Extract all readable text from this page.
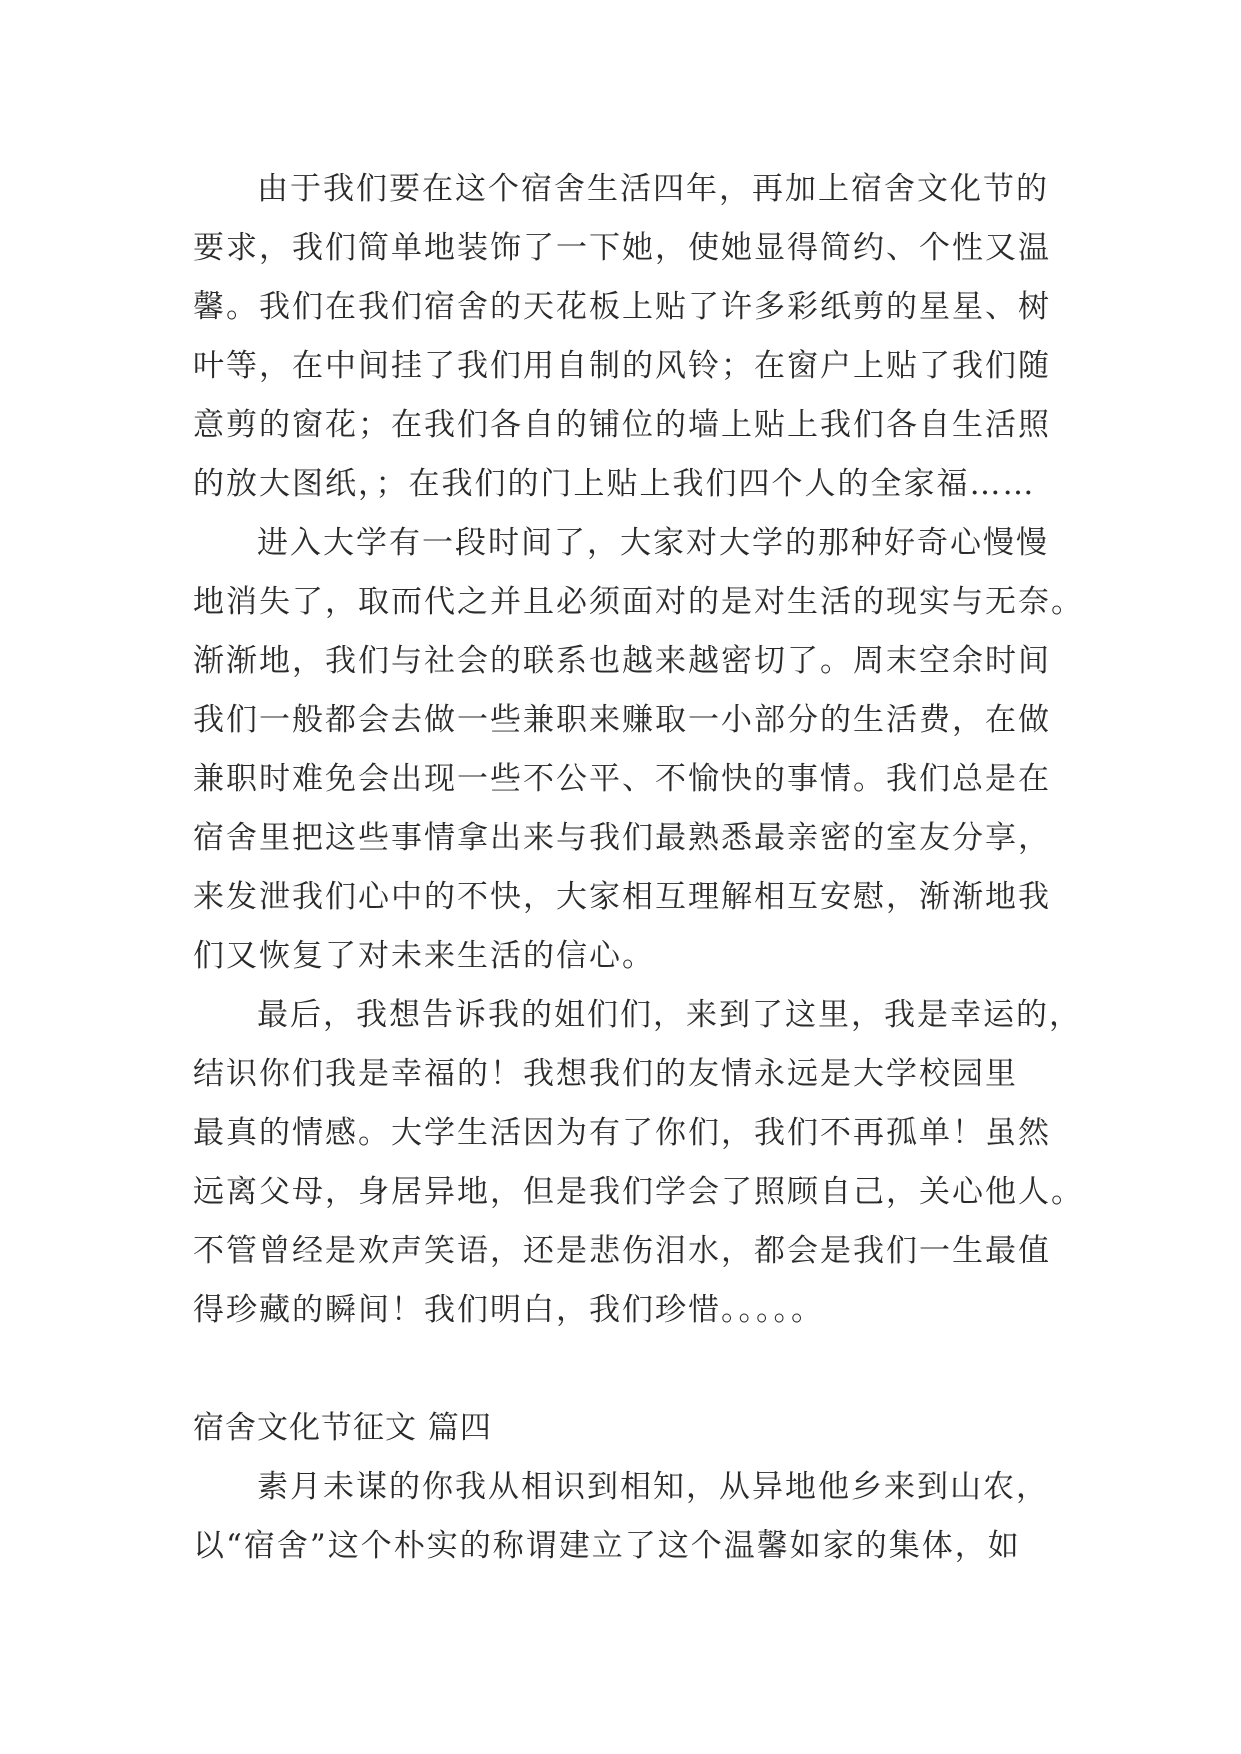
由于我们要在这个宿舍生活四年，再加上宿舍文化节的
要求，我们简单地装饰了一下她，使她显得简约、个性又温
馨。我们在我们宿舍的天花板上贴了许多彩纸剪的星星、树
叶等，在中间挂了我们用自制的风铃；在窗户上贴了我们随
意剪的窗花；在我们各自的铺位的墙上贴上我们各自生活照
的放大图纸，；在我们的门上贴上我们四个人的全家福……
进入大学有一段时间了，大家对大学的那种好奇心慢慢
地消失了，取而代之并且必须面对的是对生活的现实与无奈。
渐渐地，我们与社会的联系也越来越密切了。周末空余时间
我们一般都会去做一些兼职来赚取一小部分的生活费，在做
兼职时难免会出现一些不公平、不愉快的事情。我们总是在
宿舍里把这些事情拿出来与我们最熟悉最亲密的室友分享，
来发泄我们心中的不快，大家相互理解相互安慰，渐渐地我
们又恢复了对未来生活的信心。
最后，我想告诉我的姐们们，来到了这里，我是幸运的，
结识你们我是幸福的！我想我们的友情永远是大学校园里
最真的情感。大学生活因为有了你们，我们不再孤单！虽然
远离父母，身居异地，但是我们学会了照顾自己，关心他人。
不管曾经是欢声笑语，还是悲伤泪水，都会是我们一生最值
得珍藏的瞬间！我们明白，我们珍惜。。。。。
宿舍文化节征文 篇四
素月未谋的你我从相识到相知，从异地他乡来到山农，
以“宿舍”这个朴实的称谓建立了这个温馨如家的集体，如
